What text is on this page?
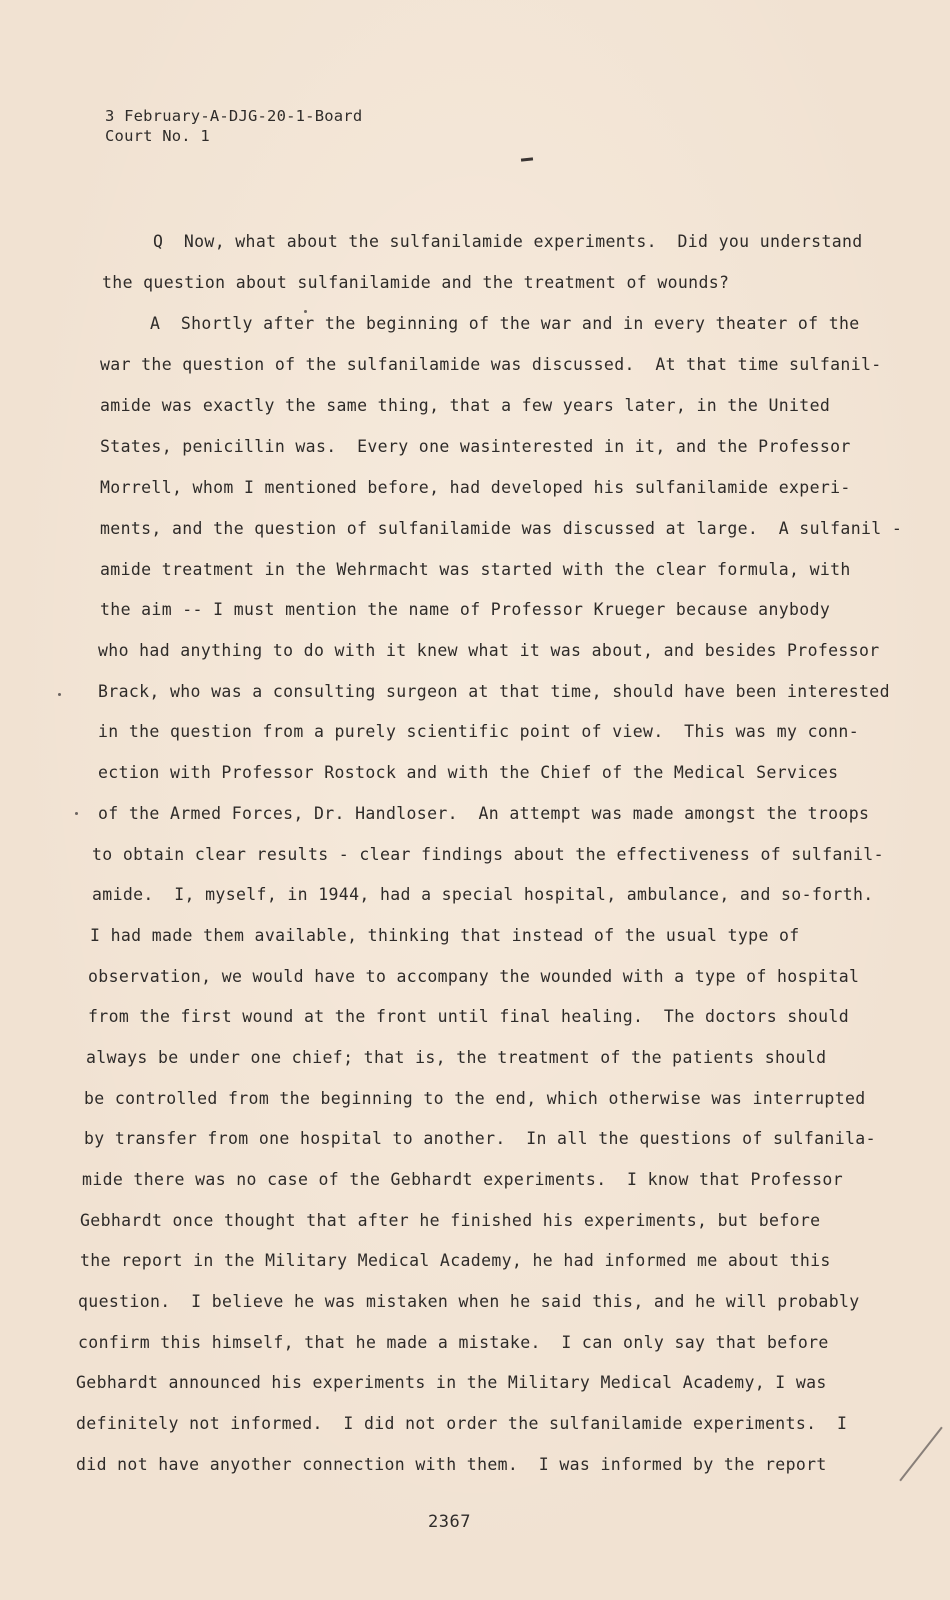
3 February-A-DJG-20-1-Board
Court No. 1
Q  Now, what about the sulfanilamide experiments.  Did you understand
the question about sulfanilamide and the treatment of wounds?
A  Shortly after the beginning of the war and in every theater of the
war the question of the sulfanilamide was discussed.  At that time sulfanil-
amide was exactly the same thing, that a few years later, in the United
States, penicillin was.  Every one wasinterested in it, and the Professor
Morrell, whom I mentioned before, had developed his sulfanilamide experi-
ments, and the question of sulfanilamide was discussed at large.  A sulfanil -
amide treatment in the Wehrmacht was started with the clear formula, with
the aim -- I must mention the name of Professor Krueger because anybody
who had anything to do with it knew what it was about, and besides Professor
Brack, who was a consulting surgeon at that time, should have been interested
in the question from a purely scientific point of view.  This was my conn-
ection with Professor Rostock and with the Chief of the Medical Services
of the Armed Forces, Dr. Handloser.  An attempt was made amongst the troops
to obtain clear results - clear findings about the effectiveness of sulfanil-
amide.  I, myself, in 1944, had a special hospital, ambulance, and so-forth.
I had made them available, thinking that instead of the usual type of
observation, we would have to accompany the wounded with a type of hospital
from the first wound at the front until final healing.  The doctors should
always be under one chief; that is, the treatment of the patients should
be controlled from the beginning to the end, which otherwise was interrupted
by transfer from one hospital to another.  In all the questions of sulfanila-
mide there was no case of the Gebhardt experiments.  I know that Professor
Gebhardt once thought that after he finished his experiments, but before
the report in the Military Medical Academy, he had informed me about this
question.  I believe he was mistaken when he said this, and he will probably
confirm this himself, that he made a mistake.  I can only say that before
Gebhardt announced his experiments in the Military Medical Academy, I was
definitely not informed.  I did not order the sulfanilamide experiments.  I
did not have anyother connection with them.  I was informed by the report
2367
